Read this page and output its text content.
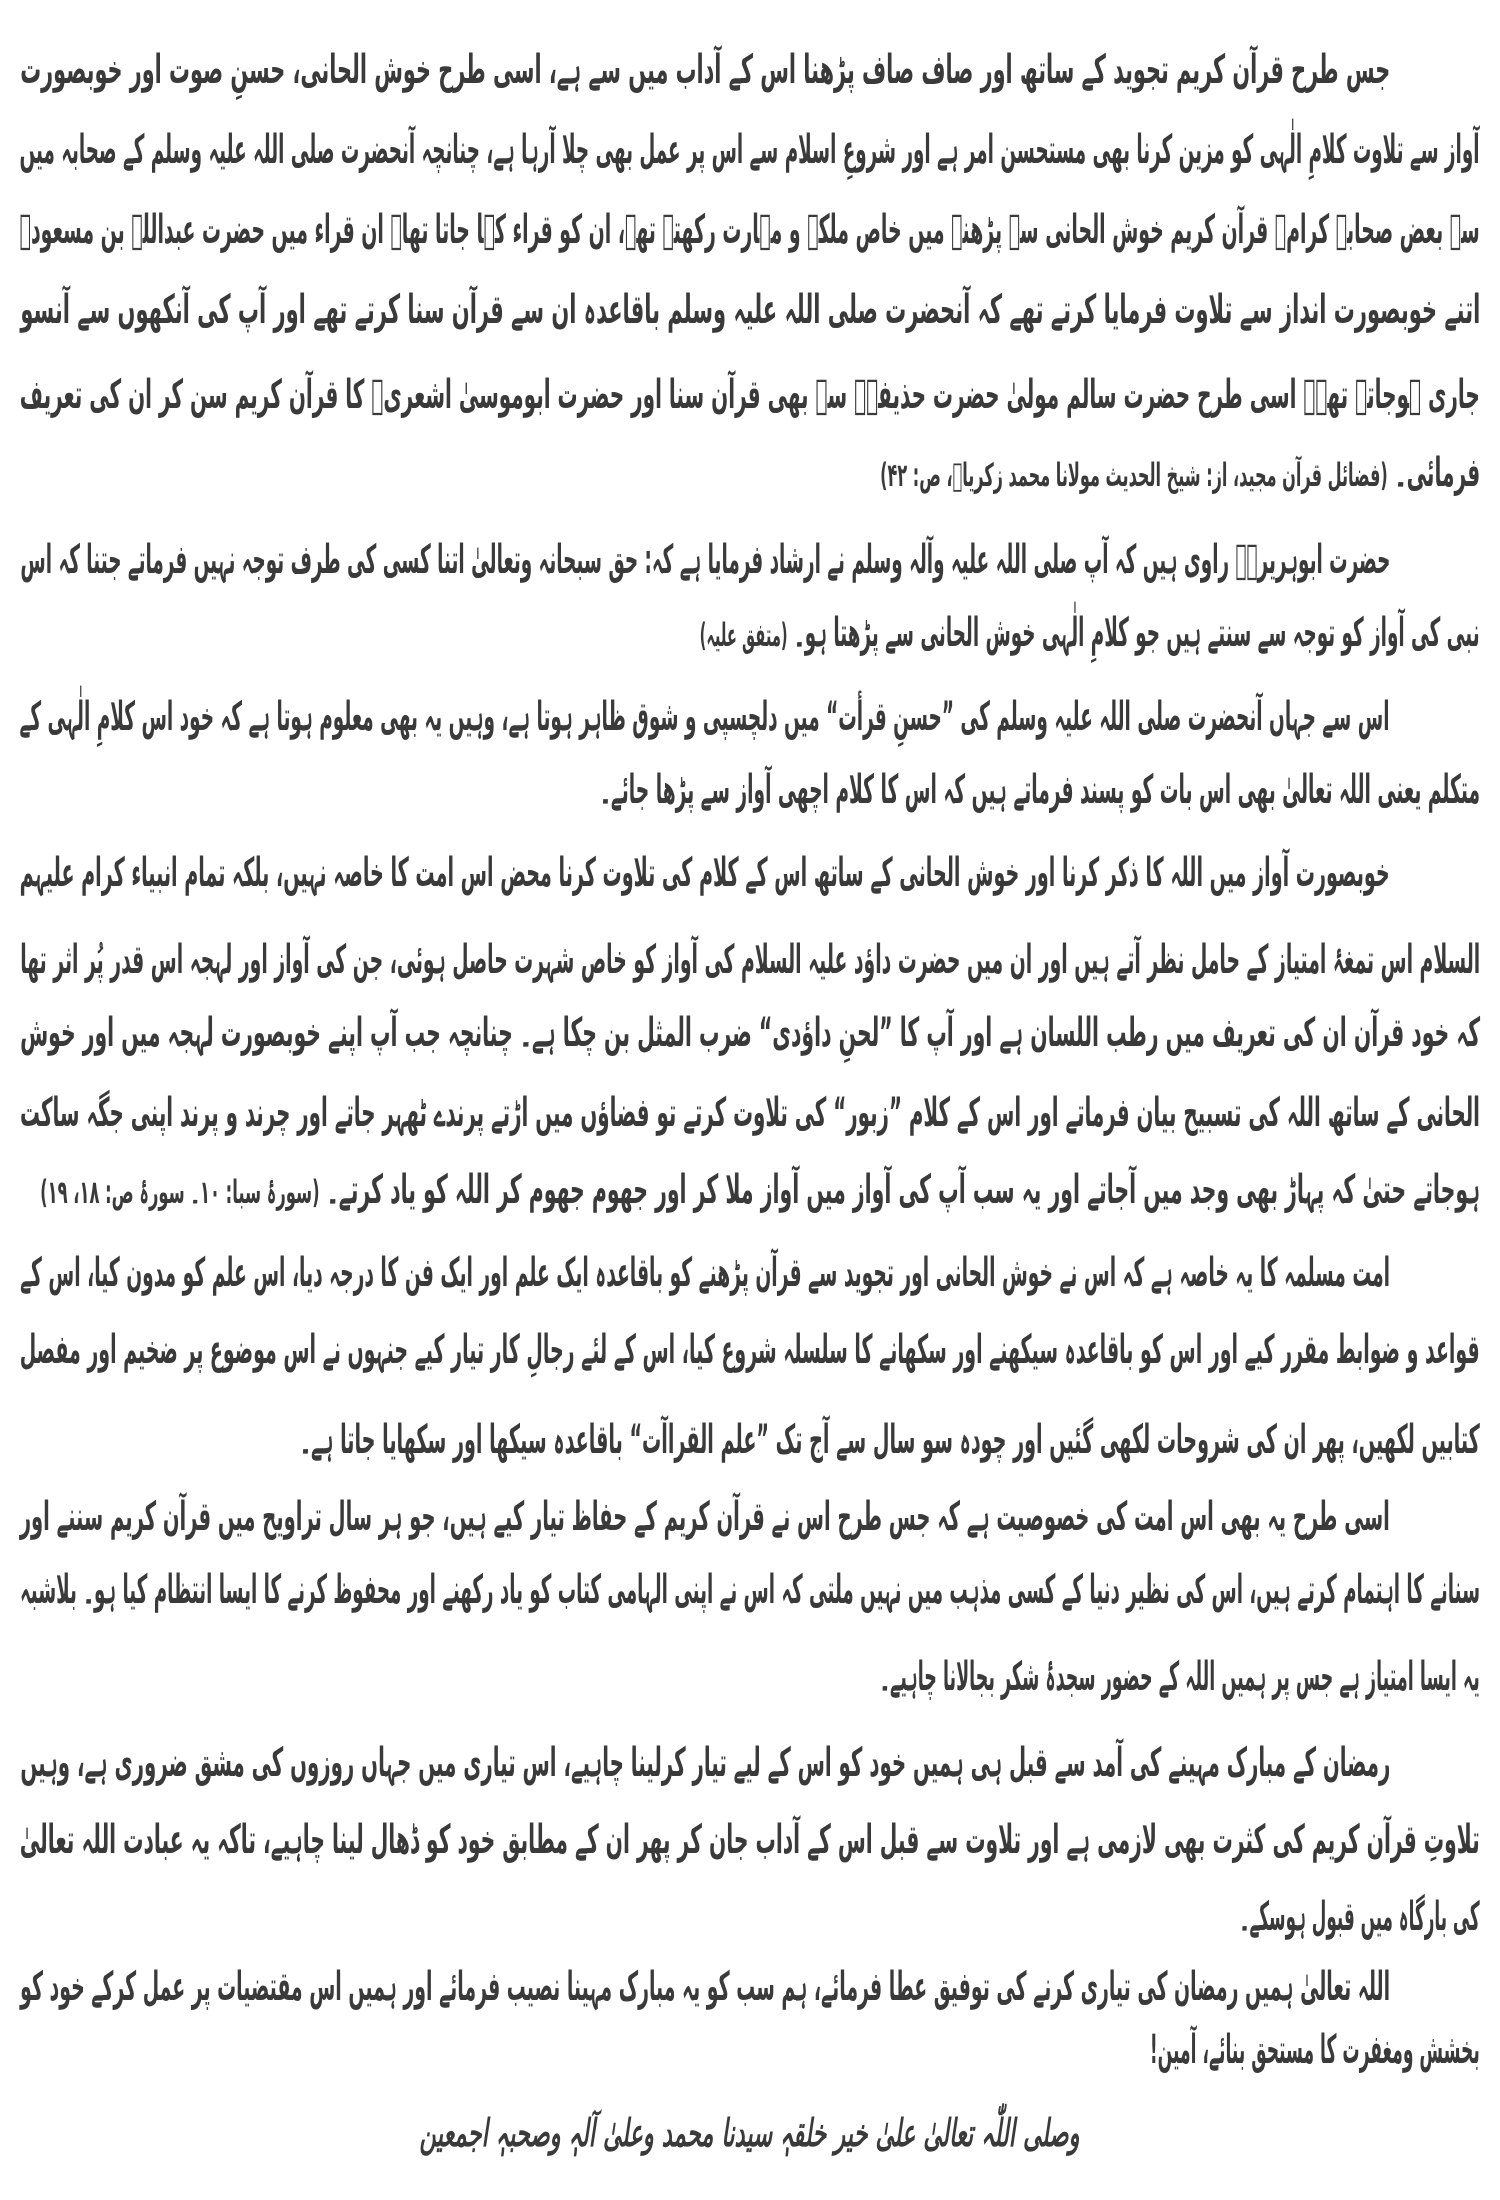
جس طرح قرآن کریم تجوید کے ساتھ اور صاف صاف پڑھنا اس کے آداب میں سے ہے، اسی طرح خوش الحانی، حسنِ صوت اور خوبصورت
آواز سے تلاوت کلامِ الٰہی کو مزین کرنا بھی مستحسن امر ہے اور شروعِ اسلام سے اس پر عمل بھی چلا آرہا ہے، چنانچہ آنحضرت صلی اللہ علیہ وسلم کے صحابہ میں
سے بعض صحابہ کرامؓ قرآن کریم خوش الحانی سے پڑھنے میں خاص ملکہ و مہارت رکھتے تھے، ان کو قراء کہا جاتا تھا۔ ان قراء میں حضرت عبداللہ بن مسعودؓ
اتنے خوبصورت انداز سے تلاوت فرمایا کرتے تھے کہ آنحضرت صلی اللہ علیہ وسلم باقاعدہ ان سے قرآن سنا کرتے تھے اور آپ کی آنکھوں سے آنسو
جاری ہوجاتے تھے۔ اسی طرح حضرت سالم مولیٰ حضرت حذیفہؓ سے بھی قرآن سنا اور حضرت ابوموسیٰ اشعریؓ کا قرآن کریم سن کر ان کی تعریف
فرمائی۔ (فضائل قرآن مجید، از: شیخ الحدیث مولانا محمد زکریاؒ، ص: ۴۲)
حضرت ابوہریرہؓ راوی ہیں کہ آپ صلی اللہ علیہ وآلہ وسلم نے ارشاد فرمایا ہے کہ: حق سبحانہ وتعالیٰ اتنا کسی کی طرف توجہ نہیں فرماتے جتنا کہ اس
نبی کی آواز کو توجہ سے سنتے ہیں جو کلامِ الٰہی خوش الحانی سے پڑھتا ہو۔ (متفق علیہ)
اس سے جہاں آنحضرت صلی اللہ علیہ وسلم کی ”حسنِ قرأت“ میں دلچسپی و شوق ظاہر ہوتا ہے، وہیں یہ بھی معلوم ہوتا ہے کہ خود اس کلامِ الٰہی کے
متکلم یعنی اللہ تعالیٰ بھی اس بات کو پسند فرماتے ہیں کہ اس کا کلام اچھی آواز سے پڑھا جائے۔
خوبصورت آواز میں اللہ کا ذکر کرنا اور خوش الحانی کے ساتھ اس کے کلام کی تلاوت کرنا محض اس امت کا خاصہ نہیں، بلکہ تمام انبیاء کرام علیہم
السلام اس تمغۂ امتیاز کے حامل نظر آتے ہیں اور ان میں حضرت داؤد علیہ السلام کی آواز کو خاص شہرت حاصل ہوئی، جن کی آواز اور لہجہ اس قدر پُر اثر تھا
کہ خود قرآن ان کی تعریف میں رطب اللسان ہے اور آپ کا ”لحنِ داؤدی“ ضرب المثل بن چکا ہے۔ چنانچہ جب آپ اپنے خوبصورت لہجہ میں اور خوش
الحانی کے ساتھ اللہ کی تسبیح بیان فرماتے اور اس کے کلام ”زبور“ کی تلاوت کرتے تو فضاؤں میں اڑتے پرندے ٹھہر جاتے اور چرند و پرند اپنی جگہ ساکت
ہوجاتے حتیٰ کہ پہاڑ بھی وجد میں آجاتے اور یہ سب آپ کی آواز میں آواز ملا کر اور جھوم جھوم کر اللہ کو یاد کرتے۔ (سورۂ سبا: ۱۰۔ سورۂ ص: ۱۸، ۱۹)
امت مسلمہ کا یہ خاصہ ہے کہ اس نے خوش الحانی اور تجوید سے قرآن پڑھنے کو باقاعدہ ایک علم اور ایک فن کا درجہ دیا، اس علم کو مدون کیا، اس کے
قواعد و ضوابط مقرر کیے اور اس کو باقاعدہ سیکھنے اور سکھانے کا سلسلہ شروع کیا، اس کے لئے رجالِ کار تیار کیے جنہوں نے اس موضوع پر ضخیم اور مفصل
کتابیں لکھیں، پھر ان کی شروحات لکھی گئیں اور چودہ سو سال سے آج تک ”علم القراآت“ باقاعدہ سیکھا اور سکھایا جاتا ہے۔
اسی طرح یہ بھی اس امت کی خصوصیت ہے کہ جس طرح اس نے قرآن کریم کے حفاظ تیار کیے ہیں، جو ہر سال تراویح میں قرآن کریم سننے اور
سنانے کا اہتمام کرتے ہیں، اس کی نظیر دنیا کے کسی مذہب میں نہیں ملتی کہ اس نے اپنی الہامی کتاب کو یاد رکھنے اور محفوظ کرنے کا ایسا انتظام کیا ہو۔ بلاشبہ
یہ ایسا امتیاز ہے جس پر ہمیں اللہ کے حضور سجدۂ شکر بجالانا چاہیے۔
رمضان کے مبارک مہینے کی آمد سے قبل ہی ہمیں خود کو اس کے لیے تیار کرلینا چاہیے، اس تیاری میں جہاں روزوں کی مشق ضروری ہے، وہیں
تلاوتِ قرآن کریم کی کثرت بھی لازمی ہے اور تلاوت سے قبل اس کے آداب جان کر پھر ان کے مطابق خود کو ڈھال لینا چاہیے، تاکہ یہ عبادت اللہ تعالیٰ
کی بارگاہ میں قبول ہوسکے۔
اللہ تعالیٰ ہمیں رمضان کی تیاری کرنے کی توفیق عطا فرمائے، ہم سب کو یہ مبارک مہینا نصیب فرمائے اور ہمیں اس مقتضیات پر عمل کرکے خود کو
بخشش ومغفرت کا مستحق بنائے، آمین!
وصلی اللّٰہ تعالیٰ علیٰ خیر خلقہٖ سیدنا محمد وعلیٰ آلہٖ وصحبہٖ اجمعین
